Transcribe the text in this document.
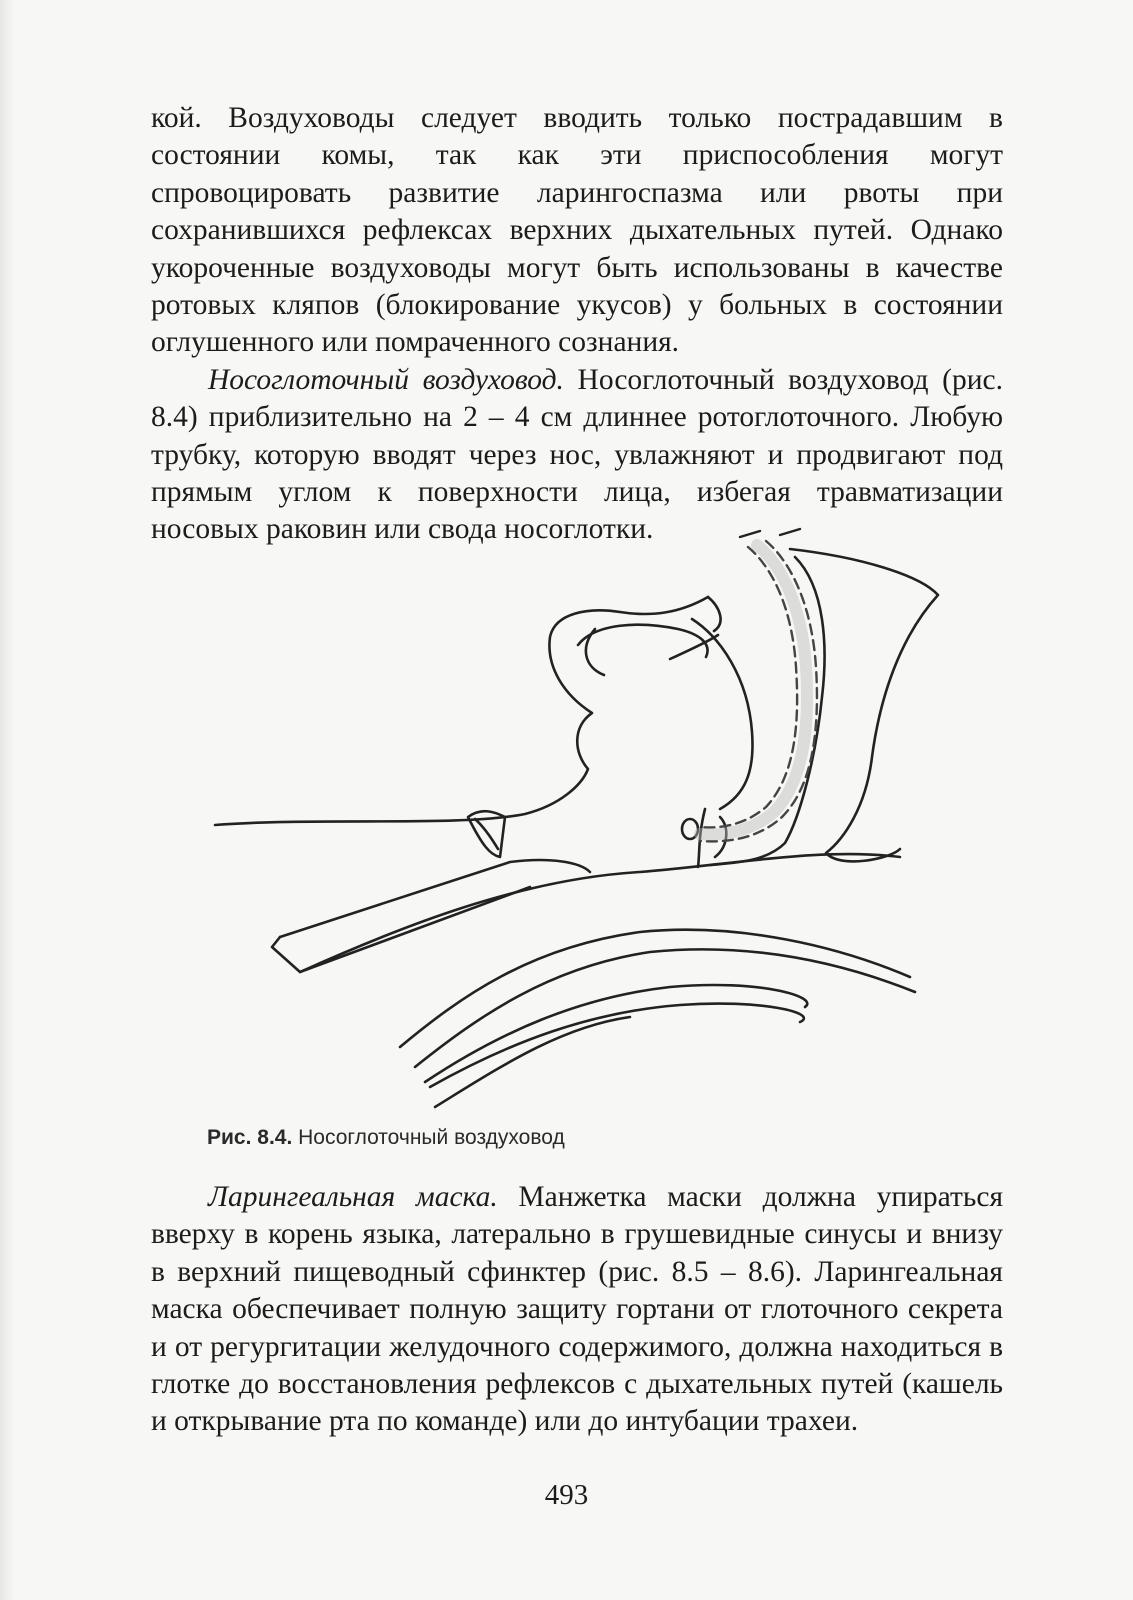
кой. Воздуховоды следует вводить только пострадавшим в состоянии комы, так как эти приспособления могут спровоцировать развитие ларингоспазма или рвоты при сохранившихся рефлексах верхних дыхательных путей. Однако укороченные воздуховоды могут быть использованы в качестве ротовых кляпов (блокирование укусов) у больных в состоянии оглушенного или помраченного сознания.

Носоглоточный воздуховод. Носоглоточный воздуховод (рис. 8.4) приблизительно на 2 – 4 см длиннее ротоглоточного. Любую трубку, которую вводят через нос, увлажняют и продвигают под прямым углом к поверхности лица, избегая травматизации носовых раковин или свода носоглотки.

Рис. 8.4. Носоглоточный воздуховод

Ларингеальная маска. Манжетка маски должна упираться вверху в корень языка, латерально в грушевидные синусы и внизу в верхний пищеводный сфинктер (рис. 8.5 – 8.6). Ларингеальная маска обеспечивает полную защиту гортани от глоточного секрета и от регургитации желудочного содержимого, должна находиться в глотке до восстановления рефлексов с дыхательных путей (кашель и открывание рта по команде) или до интубации трахеи.

493
